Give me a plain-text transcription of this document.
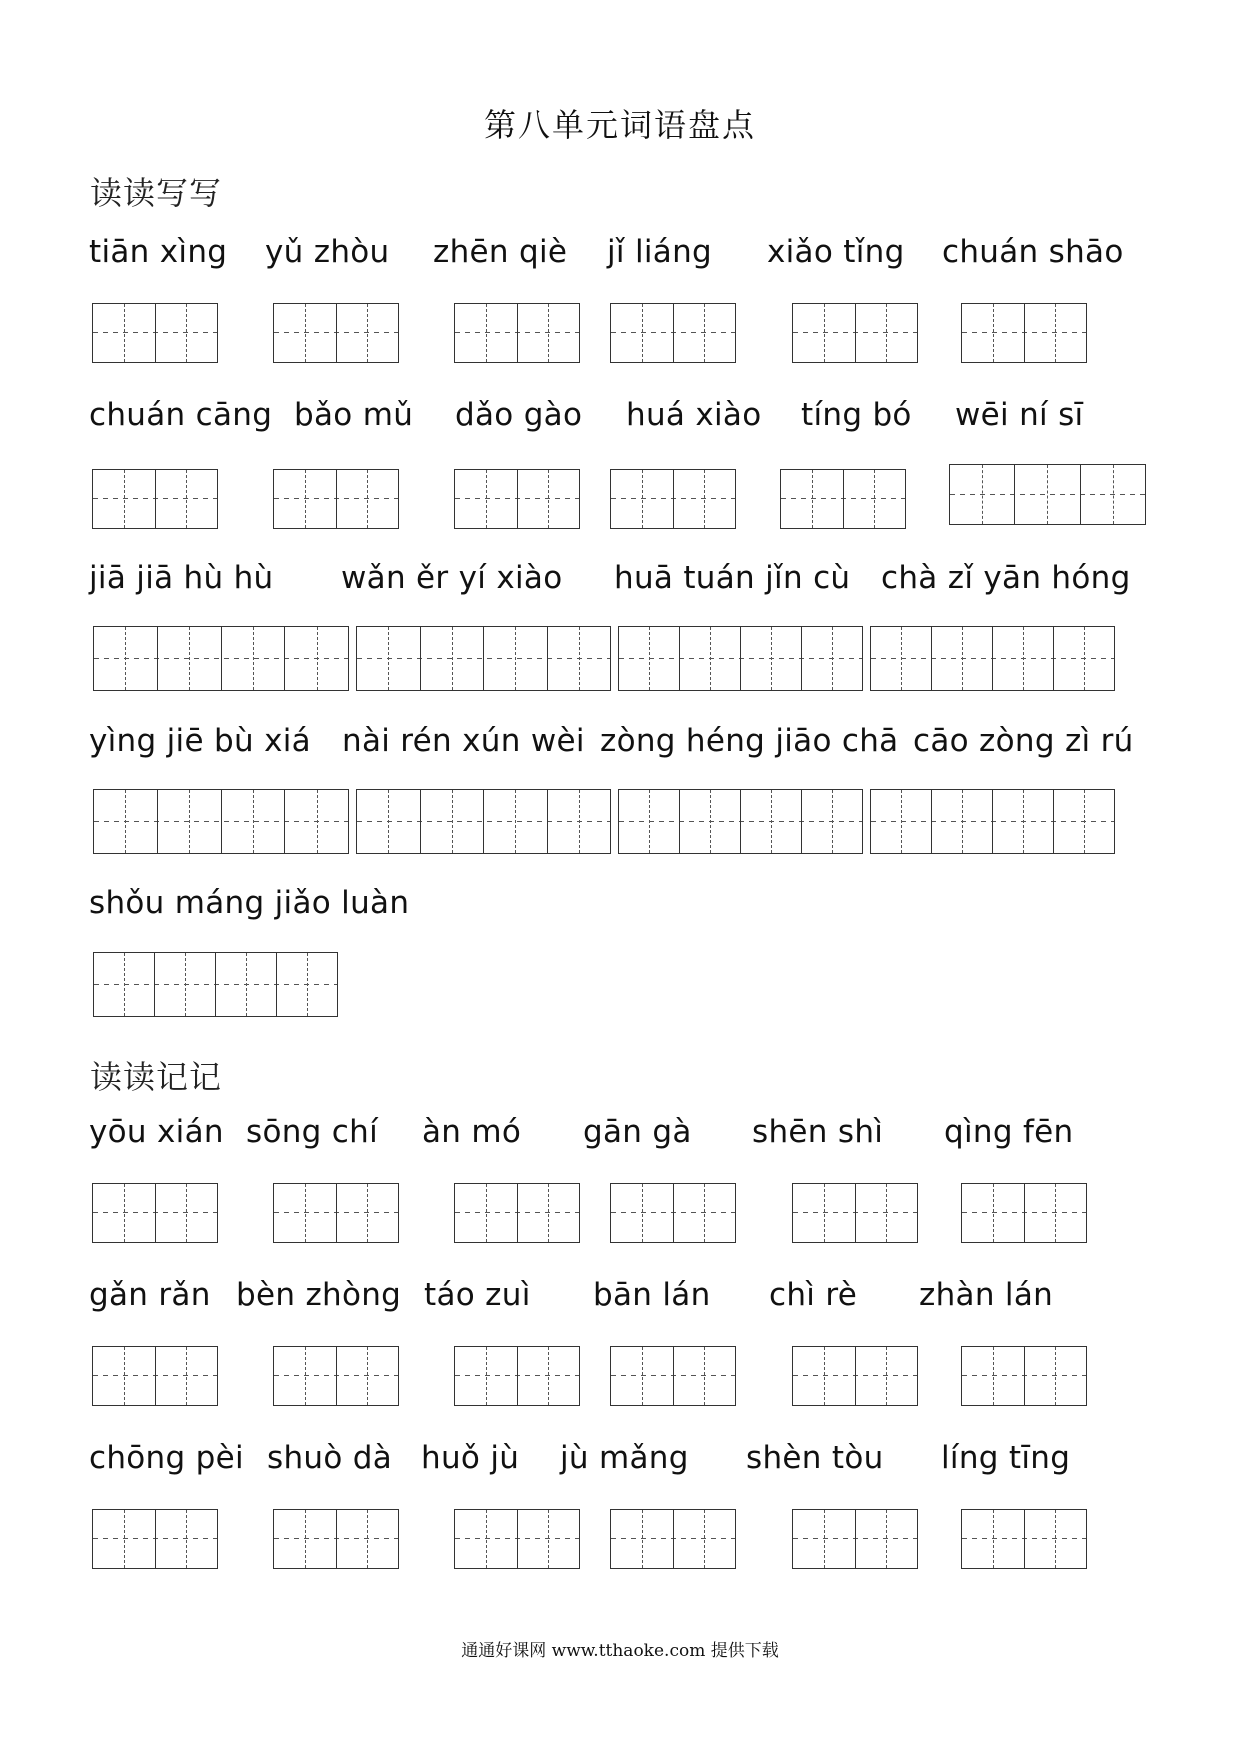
第八单元词语盘点
读读写写
读读记记
tiān xìng yǔ zhòu zhēn qiè jǐ liáng xiǎo tǐng chuán shāo
chuán cāng bǎo mǔ dǎo gào huá xiào tíng bó wēi ní sī
jiā jiā hù hù wǎn ěr yí xiào huā tuán jǐn cù chà zǐ yān hóng
yìng jiē bù xiá nài rén xún wèi zòng héng jiāo chā cāo zòng zì rú
shǒu máng jiǎo luàn
yōu xián sōng chí àn mó gān gà shēn shì qìng fēn
gǎn rǎn bèn zhòng táo zuì bān lán chì rè zhàn lán
chōng pèi shuò dà huǒ jù jù mǎng shèn tòu líng tīng
通通好课网 www.tthaoke.com 提供下载
